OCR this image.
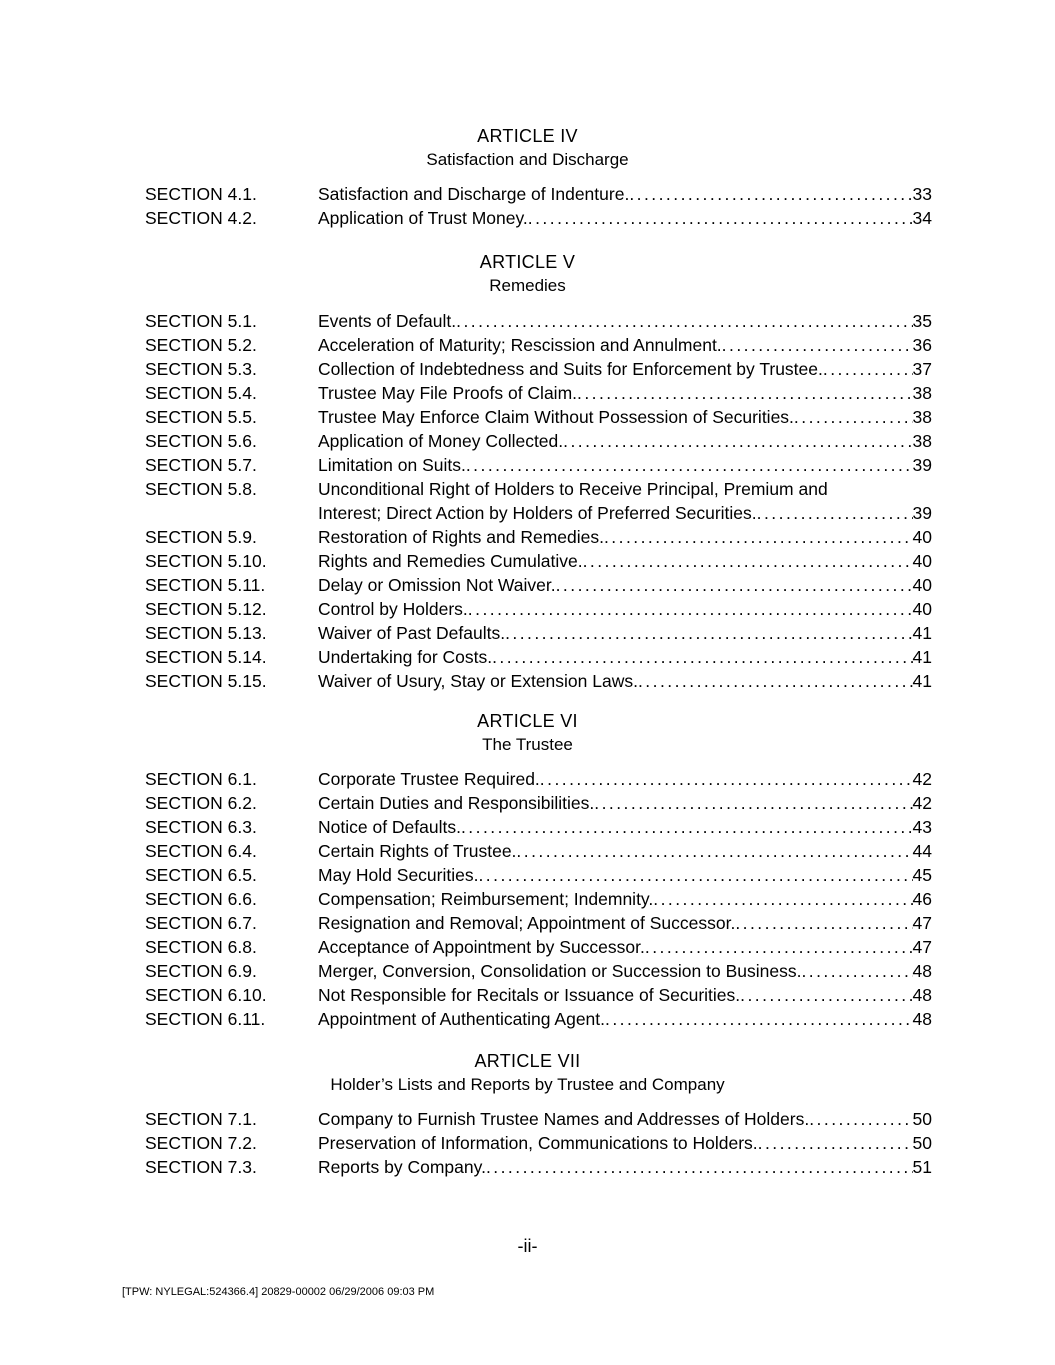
ARTICLE IV
Satisfaction and Discharge
SECTION 4.1.	Satisfaction and Discharge of Indenture. . . .	33
SECTION 4.2.	Application of Trust Money. . . .	34
ARTICLE V
Remedies
SECTION 5.1.	Events of Default. . . .	35
SECTION 5.2.	Acceleration of Maturity; Rescission and Annulment. . . .	36
SECTION 5.3.	Collection of Indebtedness and Suits for Enforcement by Trustee. . . .	37
SECTION 5.4.	Trustee May File Proofs of Claim. . . .	38
SECTION 5.5.	Trustee May Enforce Claim Without Possession of Securities. . . .	38
SECTION 5.6.	Application of Money Collected. . . .	38
SECTION 5.7.	Limitation on Suits. . . .	39
SECTION 5.8.	Unconditional Right of Holders to Receive Principal, Premium and
Interest; Direct Action by Holders of Preferred Securities. . . .	39
SECTION 5.9.	Restoration of Rights and Remedies. . . .	40
SECTION 5.10.	Rights and Remedies Cumulative. . . .	40
SECTION 5.11.	Delay or Omission Not Waiver. . . .	40
SECTION 5.12.	Control by Holders. . . .	40
SECTION 5.13.	Waiver of Past Defaults. . . .	41
SECTION 5.14.	Undertaking for Costs. . . .	41
SECTION 5.15.	Waiver of Usury, Stay or Extension Laws. . . .	41
ARTICLE VI
The Trustee
SECTION 6.1.	Corporate Trustee Required. . . .	42
SECTION 6.2.	Certain Duties and Responsibilities. . . .	42
SECTION 6.3.	Notice of Defaults. . . .	43
SECTION 6.4.	Certain Rights of Trustee. . . .	44
SECTION 6.5.	May Hold Securities. . . .	45
SECTION 6.6.	Compensation; Reimbursement; Indemnity. . . .	46
SECTION 6.7.	Resignation and Removal; Appointment of Successor. . . .	47
SECTION 6.8.	Acceptance of Appointment by Successor. . . .	47
SECTION 6.9.	Merger, Conversion, Consolidation or Succession to Business. . . .	48
SECTION 6.10.	Not Responsible for Recitals or Issuance of Securities. . . .	48
SECTION 6.11.	Appointment of Authenticating Agent. . . .	48
ARTICLE VII
Holder’s Lists and Reports by Trustee and Company
SECTION 7.1.	Company to Furnish Trustee Names and Addresses of Holders. . . .	50
SECTION 7.2.	Preservation of Information, Communications to Holders. . . .	50
SECTION 7.3.	Reports by Company. . . .	51
-ii-
[TPW: NYLEGAL:524366.4] 20829-00002 06/29/2006 09:03 PM
